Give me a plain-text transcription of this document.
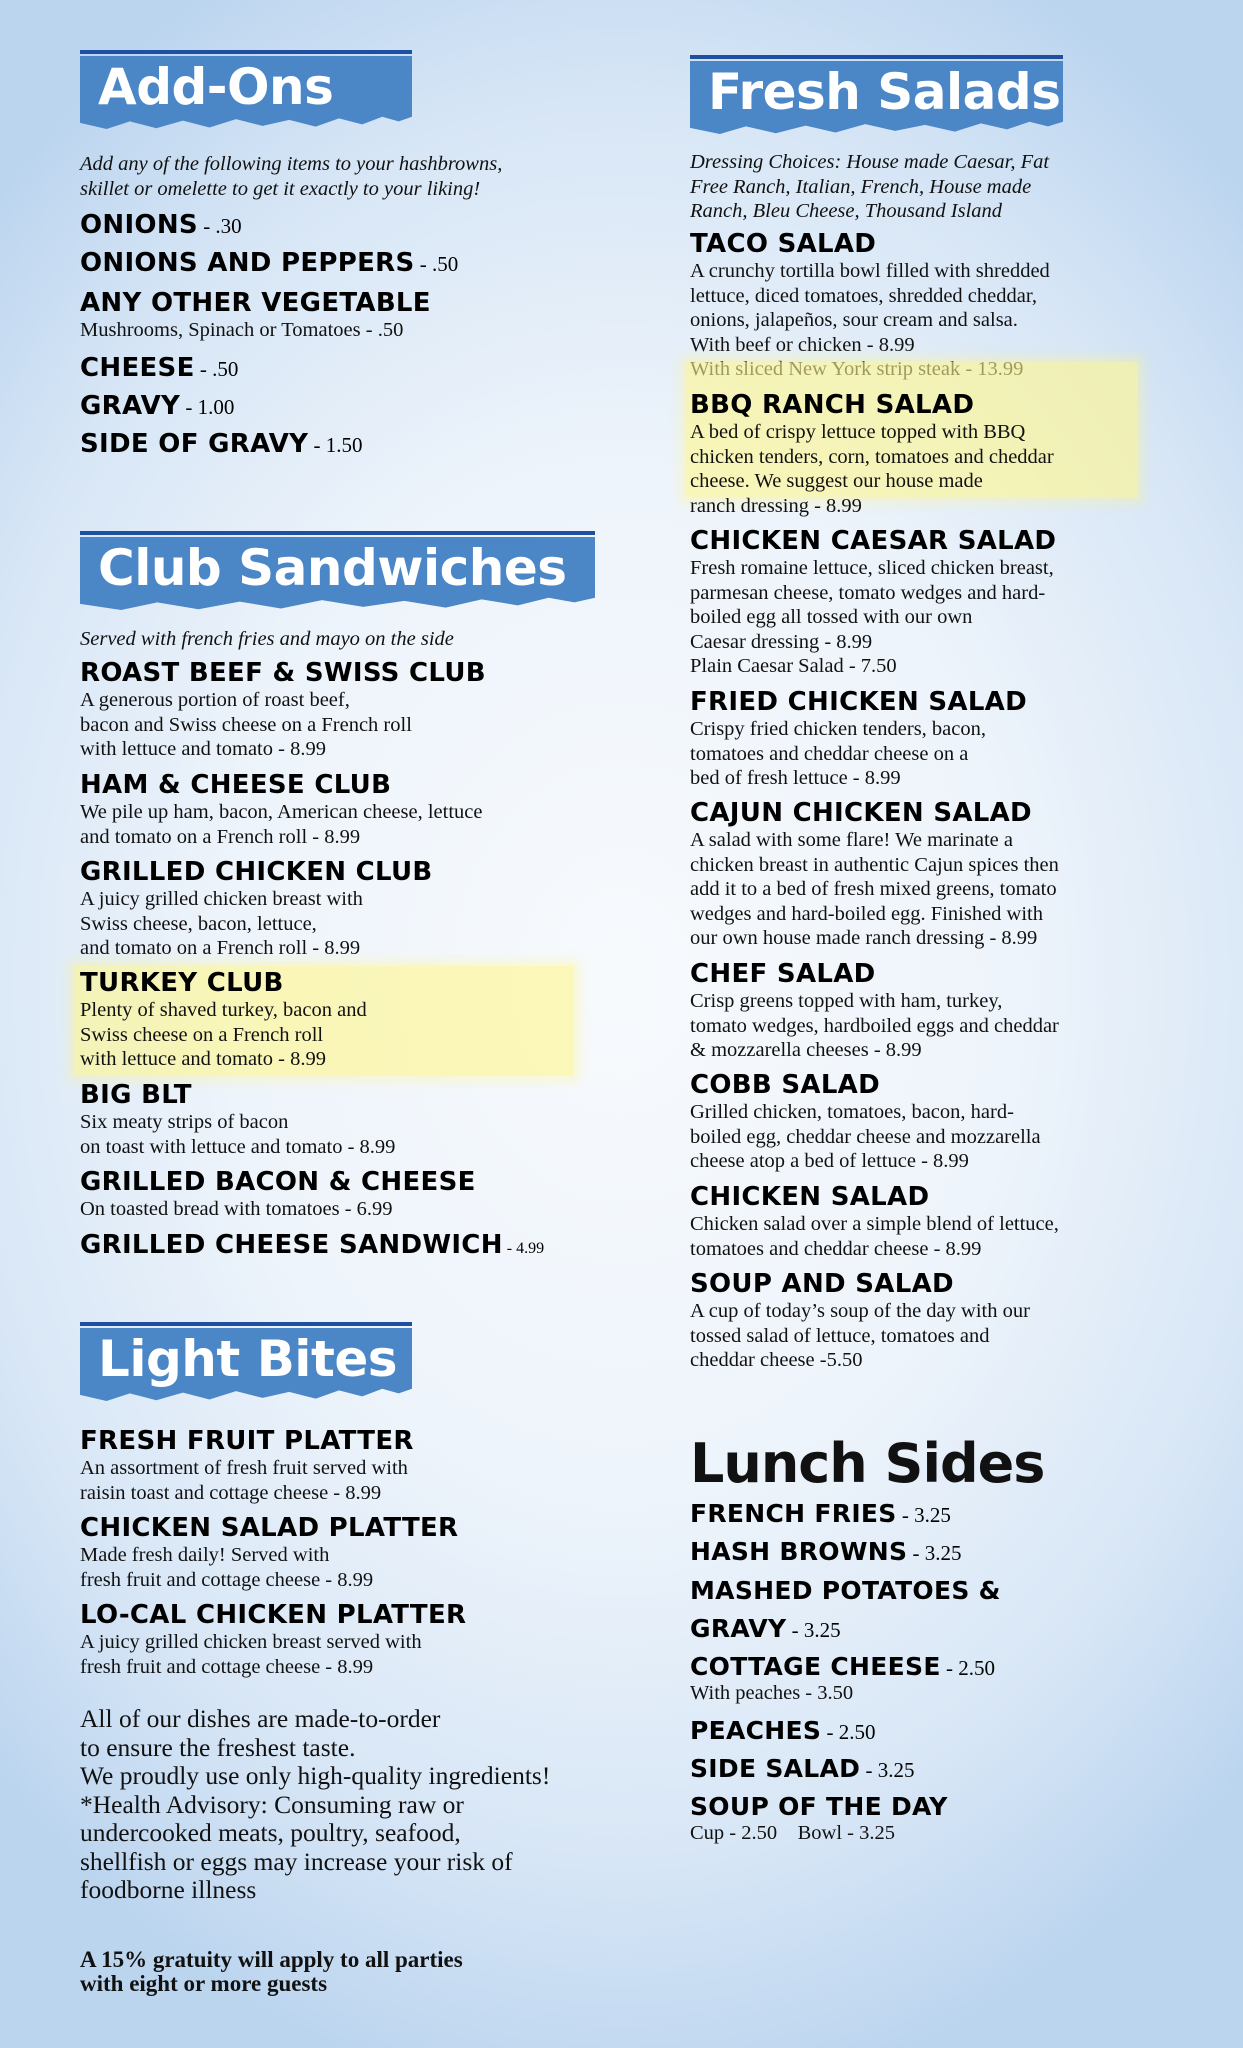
Add-Ons
Add any of the following items to your hashbrowns,
skillet or omelette to get it exactly to your liking!
ONIONS - .30
ONIONS AND PEPPERS - .50
ANY OTHER VEGETABLE
Mushrooms, Spinach or Tomatoes - .50
CHEESE - .50
GRAVY - 1.00
SIDE OF GRAVY - 1.50
Club Sandwiches
Served with french fries and mayo on the side
ROAST BEEF & SWISS CLUB
A generous portion of roast beef,
bacon and Swiss cheese on a French roll
with lettuce and tomato - 8.99
HAM & CHEESE CLUB
We pile up ham, bacon, American cheese, lettuce
and tomato on a French roll - 8.99
GRILLED CHICKEN CLUB
A juicy grilled chicken breast with
Swiss cheese, bacon, lettuce,
and tomato on a French roll - 8.99
TURKEY CLUB
Plenty of shaved turkey, bacon and
Swiss cheese on a French roll
with lettuce and tomato - 8.99
BIG BLT
Six meaty strips of bacon
on toast with lettuce and tomato - 8.99
GRILLED BACON & CHEESE
On toasted bread with tomatoes - 6.99
GRILLED CHEESE SANDWICH - 4.99
Light Bites
FRESH FRUIT PLATTER
An assortment of fresh fruit served with
raisin toast and cottage cheese - 8.99
CHICKEN SALAD PLATTER
Made fresh daily! Served with
fresh fruit and cottage cheese - 8.99
LO-CAL CHICKEN PLATTER
A juicy grilled chicken breast served with
fresh fruit and cottage cheese - 8.99
All of our dishes are made-to-order
to ensure the freshest taste.
We proudly use only high-quality ingredients!
*Health Advisory: Consuming raw or
undercooked meats, poultry, seafood,
shellfish or eggs may increase your risk of
foodborne illness
A 15% gratuity will apply to all parties
with eight or more guests
Fresh Salads
Dressing Choices: House made Caesar, Fat
Free Ranch, Italian, French, House made
Ranch, Bleu Cheese, Thousand Island
TACO SALAD
A crunchy tortilla bowl filled with shredded
lettuce, diced tomatoes, shredded cheddar,
onions, jalapeños, sour cream and salsa.
With beef or chicken - 8.99

BBQ RANCH SALAD
A bed of crispy lettuce topped with BBQ
chicken tenders, corn, tomatoes and cheddar
cheese. We suggest our house made
ranch dressing - 8.99
CHICKEN CAESAR SALAD
Fresh romaine lettuce, sliced chicken breast,
parmesan cheese, tomato wedges and hard-
boiled egg all tossed with our own
Caesar dressing - 8.99
Plain Caesar Salad - 7.50
FRIED CHICKEN SALAD
Crispy fried chicken tenders, bacon,
tomatoes and cheddar cheese on a
bed of fresh lettuce - 8.99
CAJUN CHICKEN SALAD
A salad with some flare! We marinate a
chicken breast in authentic Cajun spices then
add it to a bed of fresh mixed greens, tomato
wedges and hard-boiled egg. Finished with
our own house made ranch dressing - 8.99
CHEF SALAD
Crisp greens topped with ham, turkey,
tomato wedges, hardboiled eggs and cheddar
& mozzarella cheeses - 8.99
COBB SALAD
Grilled chicken, tomatoes, bacon, hard-
boiled egg, cheddar cheese and mozzarella
cheese atop a bed of lettuce - 8.99
CHICKEN SALAD
Chicken salad over a simple blend of lettuce,
tomatoes and cheddar cheese - 8.99
SOUP AND SALAD
A cup of today’s soup of the day with our
tossed salad of lettuce, tomatoes and
cheddar cheese -5.50
Lunch Sides
FRENCH FRIES - 3.25
HASH BROWNS - 3.25
MASHED POTATOES &
GRAVY - 3.25
COTTAGE CHEESE - 2.50
With peaches - 3.50
PEACHES - 2.50
SIDE SALAD - 3.25
SOUP OF THE DAY
Cup - 2.50    Bowl - 3.25
